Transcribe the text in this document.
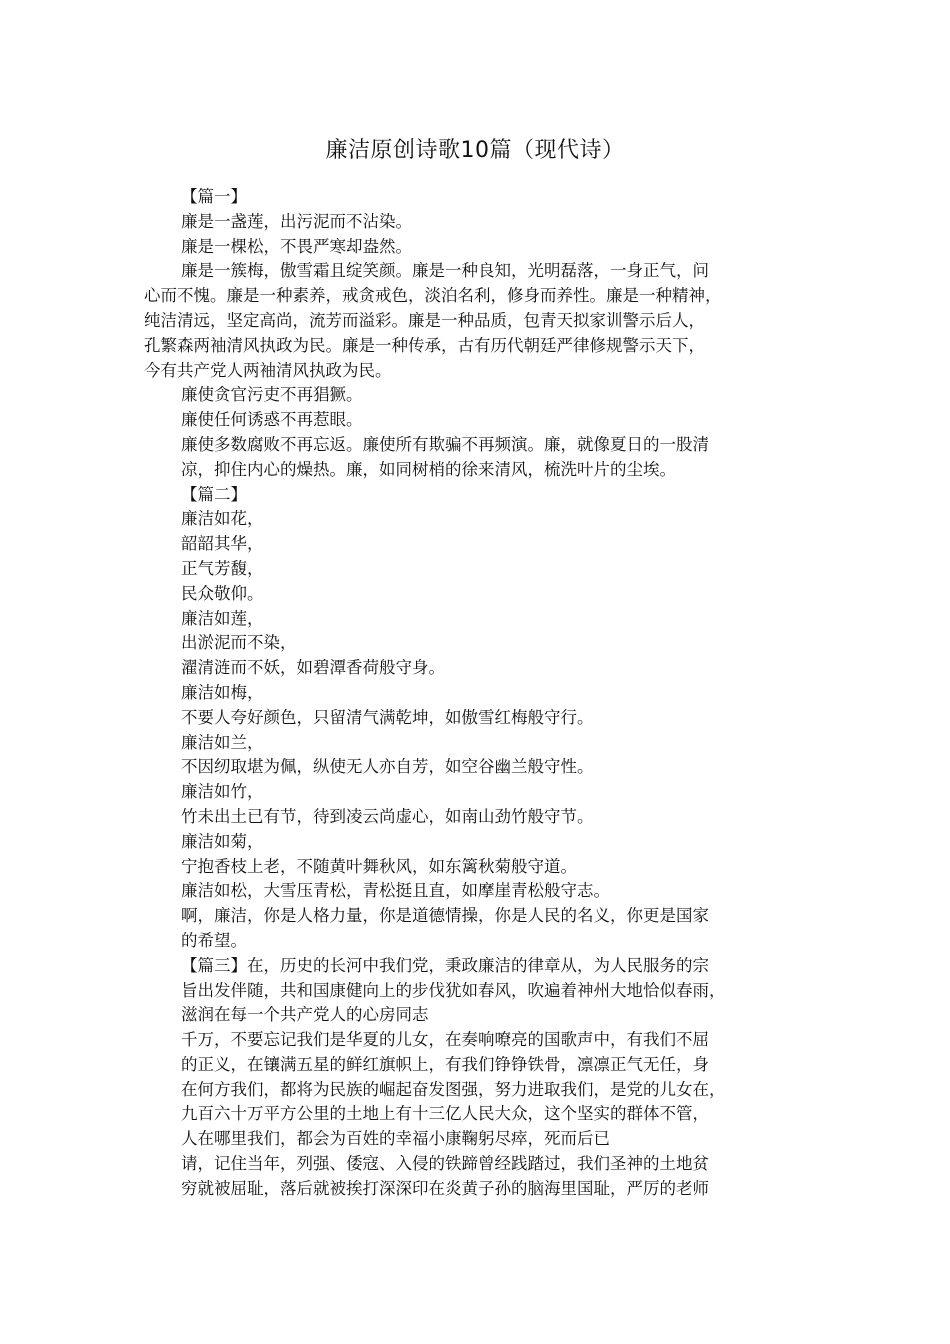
廉洁原创诗歌10篇（现代诗）

【篇一】

廉是一盏莲，出污泥而不沾染。

廉是一棵松，不畏严寒却盎然。

廉是一簇梅，傲雪霜且绽笑颜。廉是一种良知，光明磊落，一身正气，问

心而不愧。廉是一种素养，戒贪戒色，淡泊名利，修身而养性。廉是一种精神，

纯洁清远，坚定高尚，流芳而溢彩。廉是一种品质，包青天拟家训警示后人，

孔繁森两袖清风执政为民。廉是一种传承，古有历代朝廷严律修规警示天下，

今有共产党人两袖清风执政为民。

廉使贪官污吏不再猖獗。

廉使任何诱惑不再惹眼。

廉使多数腐败不再忘返。廉使所有欺骗不再频演。廉，就像夏日的一股清

凉，抑住内心的燥热。廉，如同树梢的徐来清风，梳洗叶片的尘埃。

【篇二】

廉洁如花，

韶韶其华，

正气芳馥，

民众敬仰。

廉洁如莲，

出淤泥而不染，

濯清涟而不妖，如碧潭香荷般守身。

廉洁如梅，

不要人夸好颜色，只留清气满乾坤，如傲雪红梅般守行。

廉洁如兰，

不因纫取堪为佩，纵使无人亦自芳，如空谷幽兰般守性。

廉洁如竹，

竹未出土已有节，待到凌云尚虚心，如南山劲竹般守节。

廉洁如菊，

宁抱香枝上老，不随黄叶舞秋风，如东篱秋菊般守道。

廉洁如松，大雪压青松，青松挺且直，如摩崖青松般守志。

啊，廉洁，你是人格力量，你是道德情操，你是人民的名义，你更是国家

的希望。

【篇三】在，历史的长河中我们党，秉政廉洁的律章从，为人民服务的宗

旨出发伴随，共和国康健向上的步伐犹如春风，吹遍着神州大地恰似春雨，

滋润在每一个共产党人的心房同志

千万，不要忘记我们是华夏的儿女，在奏响嘹亮的国歌声中，有我们不屈

的正义，在镶满五星的鲜红旗帜上，有我们铮铮铁骨，凛凛正气无任，身

在何方我们，都将为民族的崛起奋发图强，努力进取我们，是党的儿女在，

九百六十万平方公里的土地上有十三亿人民大众，这个坚实的群体不管，

人在哪里我们，都会为百姓的幸福小康鞠躬尽瘁，死而后已

请，记住当年，列强、倭寇、入侵的铁蹄曾经践踏过，我们圣神的土地贫

穷就被屈耻，落后就被挨打深深印在炎黄子孙的脑海里国耻，严厉的老师
